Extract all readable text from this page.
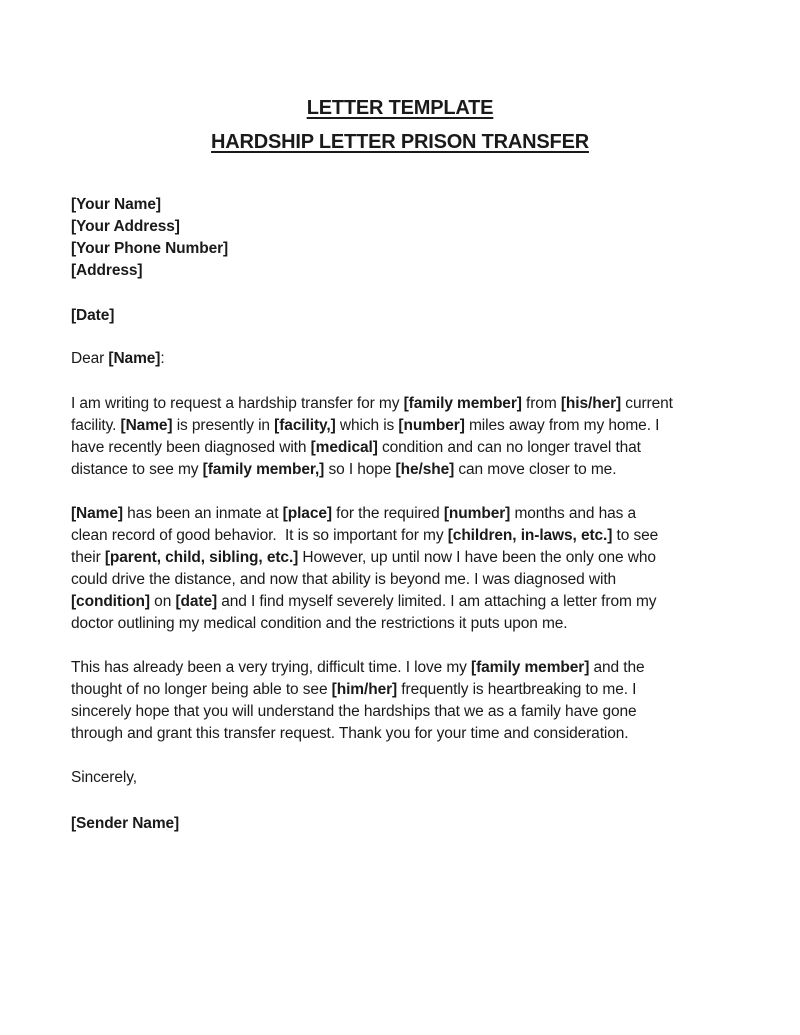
LETTER TEMPLATE
HARDSHIP LETTER PRISON TRANSFER
[Your Name]
[Your Address]
[Your Phone Number]
[Address]
[Date]
Dear [Name]:
I am writing to request a hardship transfer for my [family member] from [his/her] current
facility. [Name] is presently in [facility,] which is [number] miles away from my home. I
have recently been diagnosed with [medical] condition and can no longer travel that
distance to see my [family member,] so I hope [he/she] can move closer to me.
[Name] has been an inmate at [place] for the required [number] months and has a
clean record of good behavior.  It is so important for my [children, in-laws, etc.] to see
their [parent, child, sibling, etc.] However, up until now I have been the only one who
could drive the distance, and now that ability is beyond me. I was diagnosed with
[condition] on [date] and I find myself severely limited. I am attaching a letter from my
doctor outlining my medical condition and the restrictions it puts upon me.
This has already been a very trying, difficult time. I love my [family member] and the
thought of no longer being able to see [him/her] frequently is heartbreaking to me. I
sincerely hope that you will understand the hardships that we as a family have gone
through and grant this transfer request. Thank you for your time and consideration.
Sincerely,
[Sender Name]
